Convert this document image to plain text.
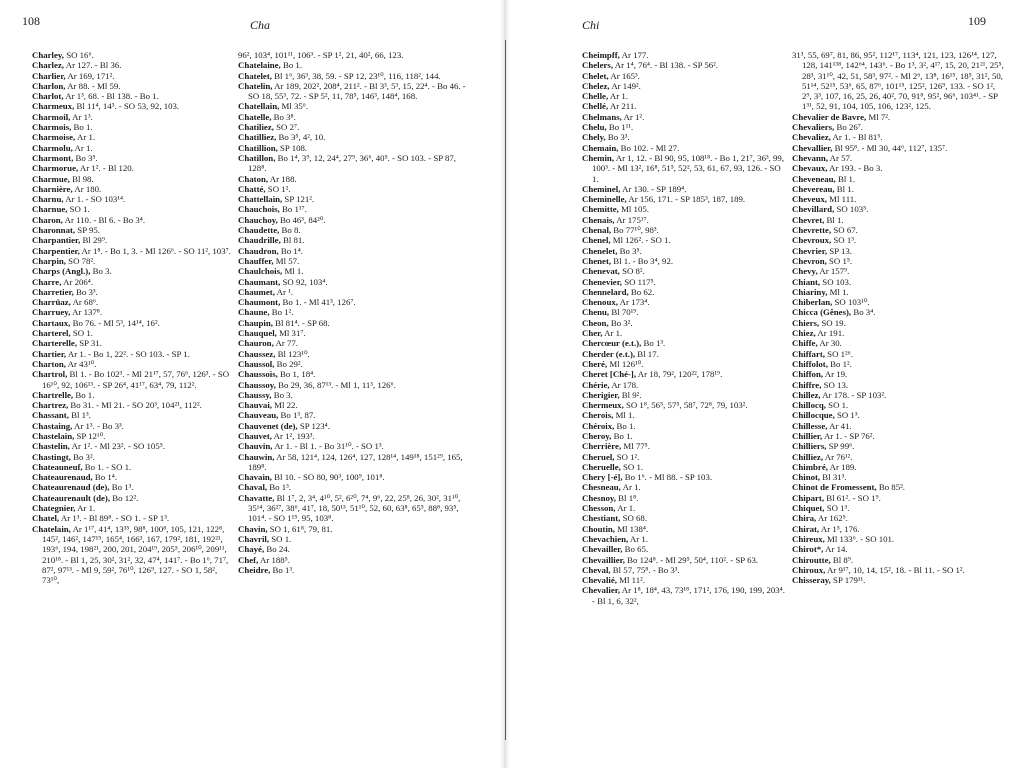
108	Cha
Charley, SO 16⁶.
Charlez, Ar 127. - Bl 36.
Charlier, Ar 169, 171².
Charlon, Ar 88. - Ml 59.
Charlot, Ar 1³, 68. - Bl 138. - Bo 1.
Charmeux, Bl 11⁴, 14³. - SO 53, 92, 103.
Charmoil, Ar 1³.
Charmois, Bo 1.
Charmoise, Ar 1.
Charmolu, Ar 1.
Charmont, Bo 3⁵.
Charmorue, Ar 1². - Bl 120.
Charmue, Bl 98.
Charnière, Ar 180.
Charnu, Ar 1. - SO 103¹⁴.
Charnue, SO 1.
Charon, Ar 110. - Bl 6. - Bo 3⁴.
Charonnat, SP 95.
Charpantier, Bl 29⁹.
Charpentier, Ar 1⁸. - Bo 1, 3. - Ml 126⁶. - SO 11², 103⁷.
Charpin, SO 78².
Charps (Angl.), Bo 3.
Charre, Ar 206⁴.
Charretier, Bo 3³.
Charrüaz, Ar 68⁶.
Charruey, Ar 137⁸.
Chartaux, Bo 76. - Ml 5³, 14¹⁴, 16².
Charterel, SO 1.
Charterelle, SP 31.
Chartier, Ar 1. - Bo 1, 22². - SO 103. - SP 1.
Charton, Ar 43¹⁰.
Chartrol, Bl 1. - Bo 102³. - Ml 21¹⁷, 57, 76⁶, 126³. - SO 16¹⁰, 92, 106¹³. - SP 26⁴, 41¹⁷, 63⁴, 79, 112².
Chartrelle, Bo 1.
Chartrez, Bo 31. - Ml 21. - SO 20³, 104²¹, 112².
Chassant, Bl 1³.
Chastaing, Ar 1³. - Bo 3³.
Chastelain, SP 12¹⁰.
Chastelin, Ar 1². - Ml 23². - SO 105⁵.
Chastingt, Bo 3².
Chateauneuf, Bo 1. - SO 1.
Chateaurenaud, Bo 1⁴.
Chateaurenaud (de), Bo 1³.
Chateaurenault (de), Bo 12².
Chategnier, Ar 1.
Chatel, Ar 1³. - Bl 89⁸. - SO 1. - SP 1³.
Chatelain, Ar 1¹⁷, 41⁴, 13³⁵, 98⁸, 100⁸, 105, 121, 122⁸, 145², 146², 147¹⁹, 165⁴, 166³, 167, 179², 181, 192²¹, 193⁶, 194, 198²¹, 200, 201, 204¹⁹, 205⁵, 206¹⁰, 209¹¹, 210¹⁸. - Bl 1, 25, 30², 31², 32, 47⁴, 141⁷. - Bo 1⁶, 71⁷, 87², 97¹³. - Ml 9, 59², 76¹⁰, 126⁹, 127. - SO 1, 58², 73¹⁰,
96², 103⁴, 101¹¹, 106³. - SP 1², 21, 40², 66, 123.
Chatelaine, Bo 1.
Chatelet, Bl 1⁶, 36³, 38, 59. - SP 12, 23¹⁰, 116, 118², 144.
Chatelin, Ar 189, 202², 208⁴, 211². - Bl 3³, 5³, 15, 22⁴. - Bo 46. - SO 18, 55³, 72. - SP 5², 11, 78⁵, 146³, 148⁴, 168.
Chatellain, Ml 35⁶.
Chatelle, Bo 3⁸.
Chatiliez, SO 2⁷.
Chatilliez, Bo 3⁵, 4², 10.
Chatillion, SP 108.
Chatillon, Bo 1⁴, 3⁹, 12, 24⁴, 27⁹, 36⁶, 40⁵. - SO 103. - SP 87, 128⁸.
Chaton, Ar 188.
Chatté, SO 1².
Chattellain, SP 121².
Chauchois, Bo 1¹⁷.
Chauchoy, Bo 46³, 84²⁰.
Chaudette, Bo 8.
Chaudrille, Bl 81.
Chaudron, Bo 1⁴.
Chauffer, Ml 57.
Chaulchois, Ml 1.
Chaumant, SO 92, 103⁴.
Chaumet, Ar ¹.
Chaumont, Bo 1. - Ml 41³, 126⁷.
Chaune, Bo 1².
Chaupin, Bl 81⁴. - SP 68.
Chauquel, Ml 31⁷.
Chauron, Ar 77.
Chaussez, Bl 123¹⁰.
Chaussol, Bo 29².
Chaussois, Bo 1, 18⁴.
Chaussoy, Bo 29, 36, 87¹³. - Ml 1, 11³, 126⁶.
Chaussy, Bo 3.
Chauvai, Ml 22.
Chauveau, Bo 1³, 87.
Chauvenet (de), SP 123⁴.
Chauvet, Ar 1², 193³.
Chauvin, Ar 1. - Bl 1. - Bo 31¹⁰. - SO 1³.
Chauwin, Ar 58, 121⁴, 124, 126⁴, 127, 128¹⁴, 149¹⁸, 151²⁹, 165, 189⁸.
Chavain, Bl 10. - SO 80, 90³, 100⁹, 101⁸.
Chaval, Bo 1³.
Chavatte, Bl 1⁷, 2, 3⁴, 4¹⁰, 5², 6²⁰, 7⁴, 9⁶, 22, 25⁸, 26, 30², 31¹⁰, 35¹⁴, 36²⁷, 38⁶, 41⁷, 18, 50¹³, 51¹⁰, 52, 60, 63⁸, 65⁵, 88⁸, 93⁵, 101⁴. - SO 1¹⁵, 95, 103⁸.
Chavin, SO 1, 61⁸, 79, 81.
Chavril, SO 1.
Chayé, Bo 24.
Chef, Ar 188⁵.
Cheidre, Bo 1³.
109
Chi
Cheimpff, Ar 177.
Chelers, Ar 1⁴, 76⁴. - Bl 138. - SP 56².
Chelet, Ar 165³.
Chelez, Ar 149².
Chelle, Ar 1.
Chellé, Ar 211.
Chelmans, Ar 1².
Chelu, Bo 1¹¹.
Chely, Bo 3³.
Chemain, Bo 102. - Ml 27.
Chemin, Ar 1, 12. - Bl 90, 95, 108¹⁸. - Bo 1, 21⁷, 36³, 99, 100³. - Ml 13², 16⁸, 51⁵, 52², 53, 61, 67, 93, 126. - SO 1.
Cheminel, Ar 130. - SP 189⁴.
Cheminelle, Ar 156, 171. - SP 185³, 187, 189.
Chemitte, Ml 105.
Chenais, Ar 175¹⁷.
Chenal, Bo 77¹⁰, 98³.
Chenel, Ml 126². - SO 1.
Chenelet, Bo 3⁵.
Chenet, Bl 1. - Bo 3⁴, 92.
Chenevat, SO 8².
Chenevier, SO 117⁵.
Chennelard, Bo 62.
Chenoux, Ar 173⁴.
Chenu, Bl 70¹⁹.
Cheon, Bo 3².
Cher, Ar 1.
Chercœur (e.t.), Bo 1³.
Cherder (e.t.), Bl 17.
Cheré, Ml 126¹⁰.
Cheret [Ché-], Ar 18, 79², 120²², 178¹⁹.
Chérie, Ar 178.
Cherigier, Bl 9².
Chermeux, SO 1⁸, 56⁵, 57⁵, 58⁷, 72⁸, 79, 103².
Cherois, Ml 1.
Chéroix, Bo 1.
Cheroy, Bo 1.
Cherrière, Ml 77⁵.
Cheruel, SO 1².
Cheruelle, SO 1.
Chery [-é], Bo 1⁶. - Ml 88. - SP 103.
Chesneau, Ar 1.
Chesnoy, Bl 1⁸.
Chesson, Ar 1.
Chestiant, SO 68.
Choutin, Ml 138⁴.
Chevachien, Ar 1.
Chevailler, Bo 65.
Chevaillier, Bo 124⁸. - Ml 29⁵, 50⁴, 110². - SP 63.
Cheval, Bl 57, 75⁸. - Bo 3³.
Chevalié, Ml 11².
Chevalier, Ar 1⁸, 18⁴, 43, 73¹⁸, 171², 176, 190, 199, 203⁴. - Bl 1, 6, 32²,
31³, 55, 69⁷, 81, 86, 95², 112¹⁷, 113⁴, 121, 123, 126¹⁴, 127, 128, 141¹³⁸, 142⁶⁴, 143⁶. - Bo 1³, 3², 4¹⁷, 15, 20, 21²¹, 25⁵, 28³, 31¹⁰, 42, 51, 58³, 97². - Ml 2⁶, 13⁸, 16¹⁵, 18⁵, 31², 50, 51¹⁴, 52¹⁵, 53⁶, 65, 87⁶, 101¹⁵, 125², 126⁹, 133. - SO 1², 2⁹, 3³, 107, 16, 25, 26, 40², 70, 91⁸, 95², 96⁶, 103⁴¹. - SP 1³¹, 52, 91, 104, 105, 106, 123², 125.
Chevalier de Bavre, Ml 7².
Chevaliers, Bo 26⁷.
Chevaliez, Ar 1. - Bl 81⁵.
Chevallier, Bl 95⁸. - Ml 30, 44⁶, 112⁷, 135⁷.
Chevann, Ar 57.
Chevaux, Ar 193. - Bo 3.
Cheveneau, Bl 1.
Chevereau, Bl 1.
Cheveux, Ml 111.
Chevillard, SO 103⁵.
Chevret, Bl 1.
Chevrette, SO 67.
Chevroux, SO 1³.
Chevrier, SP 13.
Chevron, SO 1⁵.
Chevy, Ar 157⁹.
Chiant, SO 103.
Chiariny, Ml 1.
Chiberlan, SO 103¹⁰.
Chicca (Gênes), Bo 3⁴.
Chiers, SO 19.
Chiez, Ar 191.
Chiffe, Ar 30.
Chiffart, SO 1²⁶.
Chiffolot, Bo 1².
Chiffon, Ar 19.
Chiffre, SO 13.
Chillez, Ar 178. - SP 103².
Chillocq, SO 1.
Chillocque, SO 1³.
Chillesse, Ar 41.
Chillier, Ar 1. - SP 76².
Chilliers, SP 99⁶.
Chilliez, Ar 76¹².
Chimbré, Ar 189.
Chinot, Bl 31³.
Chinot de Fromessent, Bo 85².
Chipart, Bl 61². - SO 1⁹.
Chiquet, SO 1³.
Chira, Ar 162⁵.
Chirat, Ar 1⁵, 176.
Chireux, Ml 133⁶. - SO 101.
Chirot*, Ar 14.
Chiroutte, Bl 8⁹.
Chiroux, Ar 9¹⁷, 10, 14, 15², 18. - Bl 11. - SO 1².
Chisseray, SP 179¹¹.
